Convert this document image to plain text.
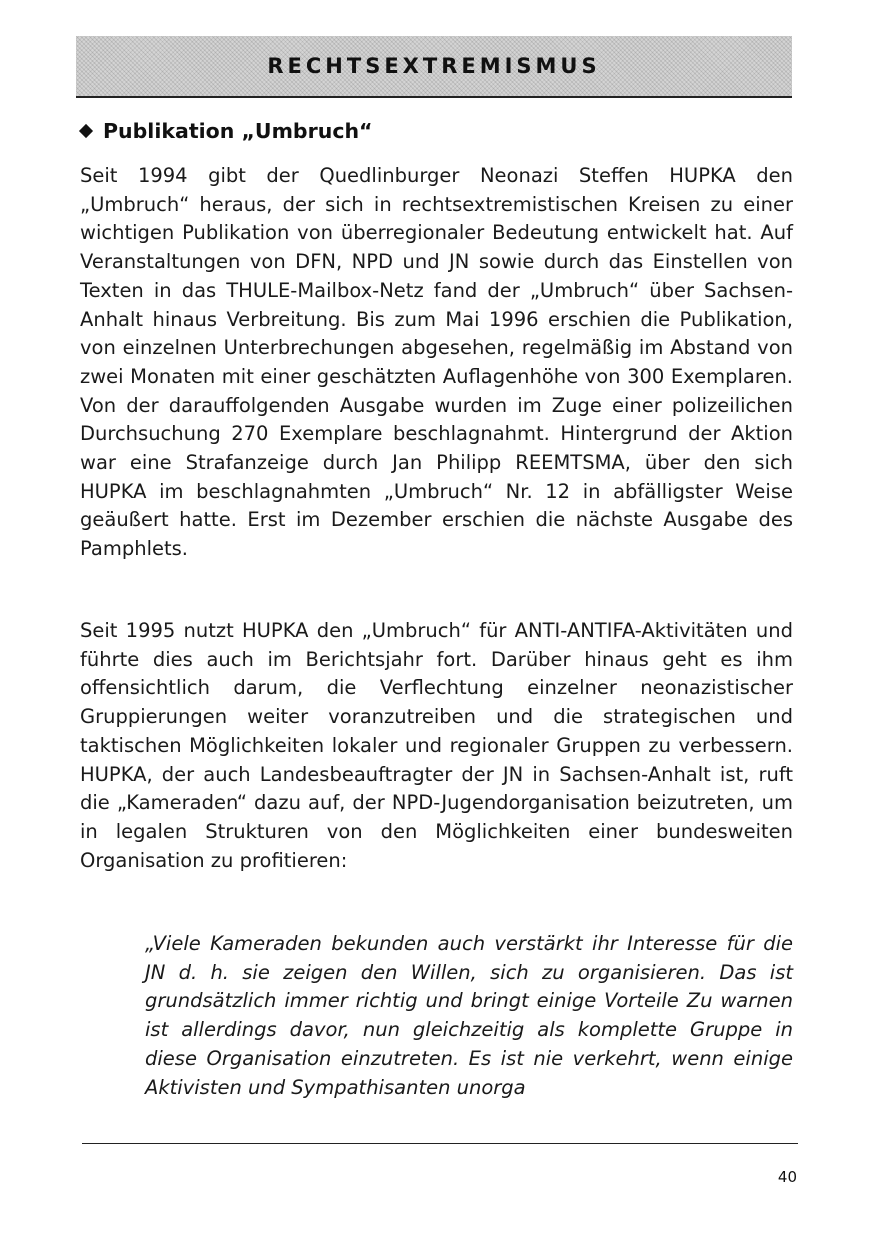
RECHTSEXTREMISMUS
Publikation „Umbruch“

Seit 1994 gibt der Quedlinburger Neonazi Steffen HUPKA den „Umbruch“ heraus, der sich in rechtsextremistischen Kreisen zu einer wichtigen Publikation von überregionaler Bedeutung entwickelt hat. Auf Veranstaltungen von DFN, NPD und JN sowie durch das Einstellen von Texten in das THULE-Mailbox-Netz fand der „Umbruch“ über Sachsen-Anhalt hinaus Verbreitung. Bis zum Mai 1996 erschien die Publikation, von einzelnen Unterbrechungen abgesehen, regelmäßig im Abstand von zwei Monaten mit einer geschätzten Auflagenhöhe von 300 Exemplaren. Von der darauffolgenden Ausgabe wurden im Zuge einer polizeilichen Durchsuchung 270 Exemplare beschlagnahmt. Hintergrund der Aktion war eine Strafanzeige durch Jan Philipp REEMTSMA, über den sich HUPKA im beschlagnahmten „Umbruch“ Nr. 12 in abfälligster Weise geäußert hatte. Erst im Dezember erschien die nächste Ausgabe des Pamphlets.

Seit 1995 nutzt HUPKA den „Umbruch“ für ANTI-ANTIFA-Aktivitäten und führte dies auch im Berichtsjahr fort. Darüber hinaus geht es ihm offensichtlich darum, die Verflechtung einzelner neonazistischer Gruppierungen weiter voranzutreiben und die strategischen und taktischen Möglichkeiten lokaler und regionaler Gruppen zu verbessern. HUPKA, der auch Landesbeauftragter der JN in Sachsen-Anhalt ist, ruft die „Kameraden“ dazu auf, der NPD-Jugendorganisation beizutreten, um in legalen Strukturen von den Möglichkeiten einer bundesweiten Organisation zu profitieren:

„Viele Kameraden bekunden auch verstärkt ihr Interesse für die JN d. h. sie zeigen den Willen, sich zu organisieren. Das ist grundsätzlich immer richtig und bringt einige Vorteile Zu warnen ist allerdings davor, nun gleichzeitig als komplette Gruppe in diese Organisation einzutreten. Es ist nie verkehrt, wenn einige Aktivisten und Sympathisanten unorga

40
